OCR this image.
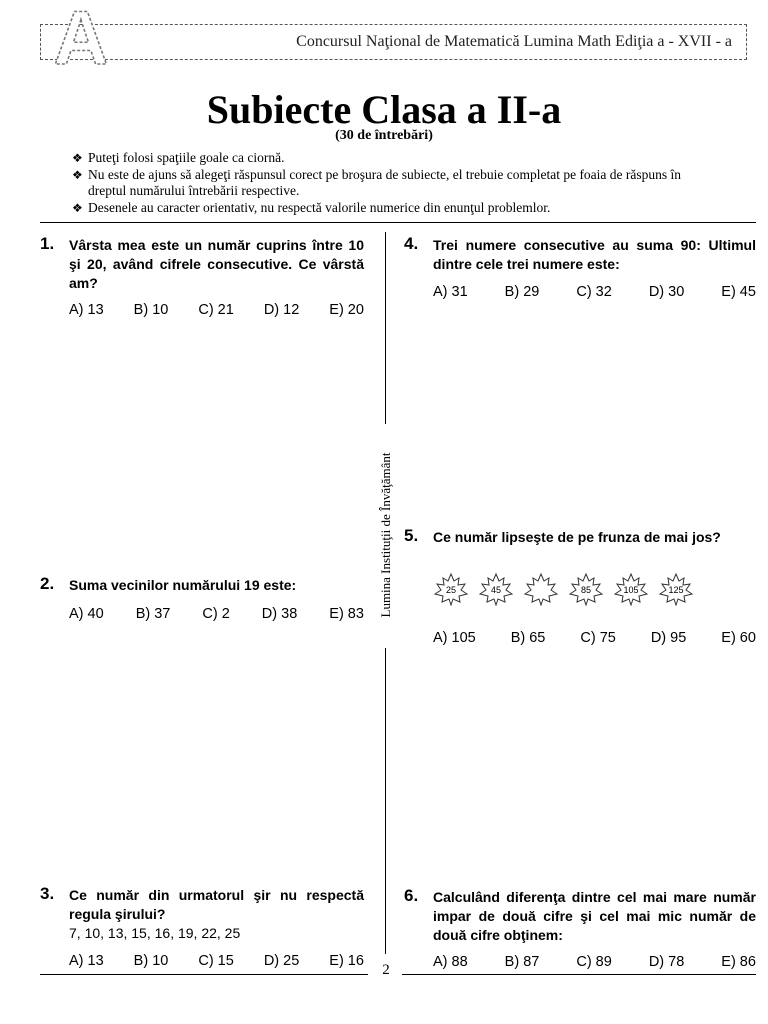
Concursul Naţional de Matematică Lumina Math Ediţia a - XVII - a
A
Subiecte Clasa a II-a
(30 de întrebări)
❖ Puteţi folosi spaţiile goale ca ciornă.
❖ Nu este de ajuns să alegeţi răspunsul corect pe broşura de subiecte, el trebuie completat pe foaia de răspuns în dreptul numărului întrebării respective.
❖ Desenele au caracter orientativ, nu respectă valorile numerice din enunţul problemlor.
Lumina Instituţii de Învăţământ
2
1. Vârsta mea este un număr cuprins între 10 şi 20, având cifrele consecutive. Ce vârstă am?
A) 13 B) 10 C) 21 D) 12 E) 20
2. Suma vecinilor numărului 19 este:
A) 40 B) 37 C) 2 D) 38 E) 83
3. Ce număr din urmatorul şir nu respectă regula şirului?
7, 10, 13, 15, 16, 19, 22, 25
A) 13 B) 10 C) 15 D) 25 E) 16
4. Trei numere consecutive au suma 90: Ultimul dintre cele trei numere este:
A) 31	B) 29	C) 32	D) 30	E) 45
5. Ce număr lipseşte de pe frunza de mai jos?
25	45	85	105	125
A) 105 B) 65 C) 75 D) 95 E) 60
6. Calculând diferenţa dintre cel mai mare număr impar de două cifre şi cel mai mic număr de două cifre obţinem:
A) 88	B) 87	C) 89	D) 78	E) 86
